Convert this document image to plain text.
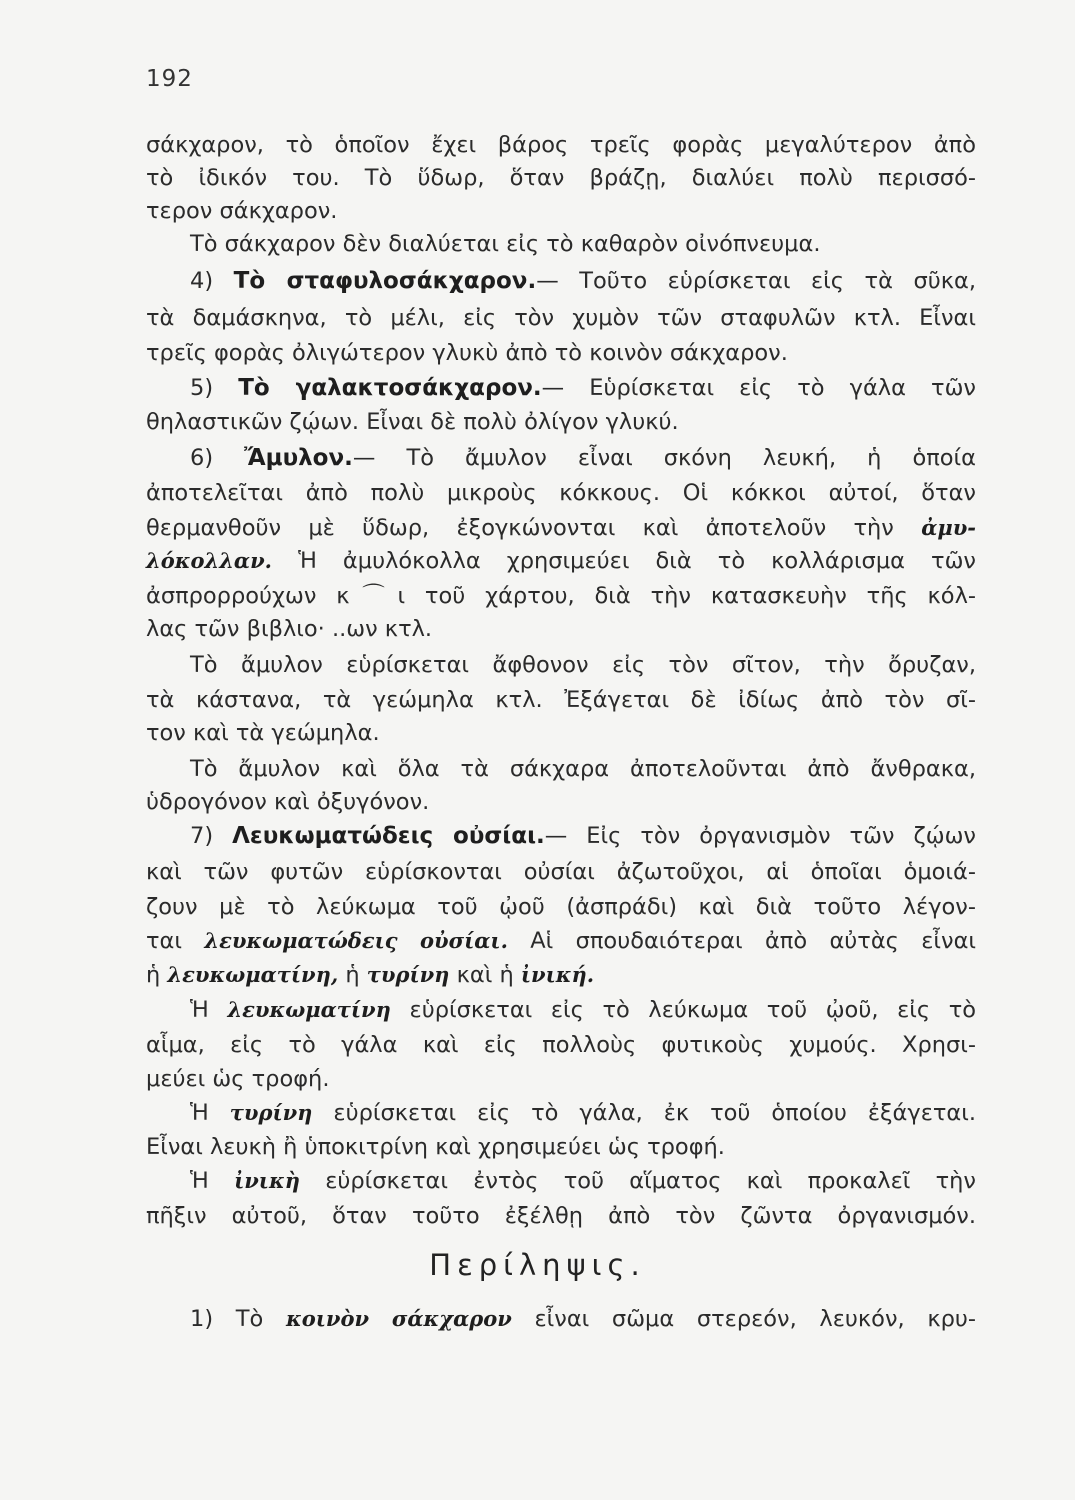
192
σάκχαρον, τὸ ὁποῖον ἔχει βάρος τρεῖς φορὰς μεγαλύτερον ἀπὸ
τὸ ἰδικόν του. Τὸ ὕδωρ, ὅταν βράζῃ, διαλύει πολὺ περισσό-
τερον σάκχαρον.
Τὸ σάκχαρον δὲν διαλύεται εἰς τὸ καθαρὸν οἰνόπνευμα.
4) Τὸ σταφυλοσάκχαρον.— Τοῦτο εὑρίσκεται εἰς τὰ σῦκα,
τὰ δαμάσκηνα, τὸ μέλι, εἰς τὸν χυμὸν τῶν σταφυλῶν κτλ. Εἶναι
τρεῖς φορὰς ὀλιγώτερον γλυκὺ ἀπὸ τὸ κοινὸν σάκχαρον.
5) Τὸ γαλακτοσάκχαρον.— Εὑρίσκεται εἰς τὸ γάλα τῶν
θηλαστικῶν ζῴων. Εἶναι δὲ πολὺ ὀλίγον γλυκύ.
6) Ἄμυλον.— Τὸ ἄμυλον εἶναι σκόνη λευκή, ἡ ὁποία
ἀποτελεῖται ἀπὸ πολὺ μικροὺς κόκκους. Οἱ κόκκοι αὐτοί, ὅταν
θερμανθοῦν μὲ ὕδωρ, ἐξογκώνονται καὶ ἀποτελοῦν τὴν ἀμυ-
λόκολλαν. Ἡ ἀμυλόκολλα χρησιμεύει διὰ τὸ κολλάρισμα τῶν
ἀσπρορρούχων κ⌒ι τοῦ χάρτου, διὰ τὴν κατασκευὴν τῆς κόλ-
λας τῶν βιβλιο· ..ων κτλ.
Τὸ ἄμυλον εὑρίσκεται ἄφθονον εἰς τὸν σῖτον, τὴν ὄρυζαν,
τὰ κάστανα, τὰ γεώμηλα κτλ. Ἐξάγεται δὲ ἰδίως ἀπὸ τὸν σῖ-
τον καὶ τὰ γεώμηλα.
Τὸ ἄμυλον καὶ ὅλα τὰ σάκχαρα ἀποτελοῦνται ἀπὸ ἄνθρακα,
ὑδρογόνον καὶ ὀξυγόνον.
7) Λευκωματώδεις οὐσίαι.— Εἰς τὸν ὀργανισμὸν τῶν ζῴων
καὶ τῶν φυτῶν εὑρίσκονται οὐσίαι ἀζωτοῦχοι, αἱ ὁποῖαι ὁμοιά-
ζουν μὲ τὸ λεύκωμα τοῦ ᾠοῦ (ἀσπράδι) καὶ διὰ τοῦτο λέγον-
ται λευκωματώδεις οὐσίαι. Αἱ σπουδαιότεραι ἀπὸ αὐτὰς εἶναι
ἡ λευκωματίνη, ἡ τυρίνη καὶ ἡ ἰνική.
Ἡ λευκωματίνη εὑρίσκεται εἰς τὸ λεύκωμα τοῦ ᾠοῦ, εἰς τὸ
αἷμα, εἰς τὸ γάλα καὶ εἰς πολλοὺς φυτικοὺς χυμούς. Χρησι-
μεύει ὡς τροφή.
Ἡ τυρίνη εὑρίσκεται εἰς τὸ γάλα, ἐκ τοῦ ὁποίου ἐξάγεται.
Εἶναι λευκὴ ἢ ὑποκιτρίνη καὶ χρησιμεύει ὡς τροφή.
Ἡ ἰνικὴ εὑρίσκεται ἐντὸς τοῦ αἵματος καὶ προκαλεῖ τὴν
πῆξιν αὐτοῦ, ὅταν τοῦτο ἐξέλθῃ ἀπὸ τὸν ζῶντα ὀργανισμόν.
Περίληψις.
1) Τὸ κοινὸν σάκχαρον εἶναι σῶμα στερεόν, λευκόν, κρυ-
